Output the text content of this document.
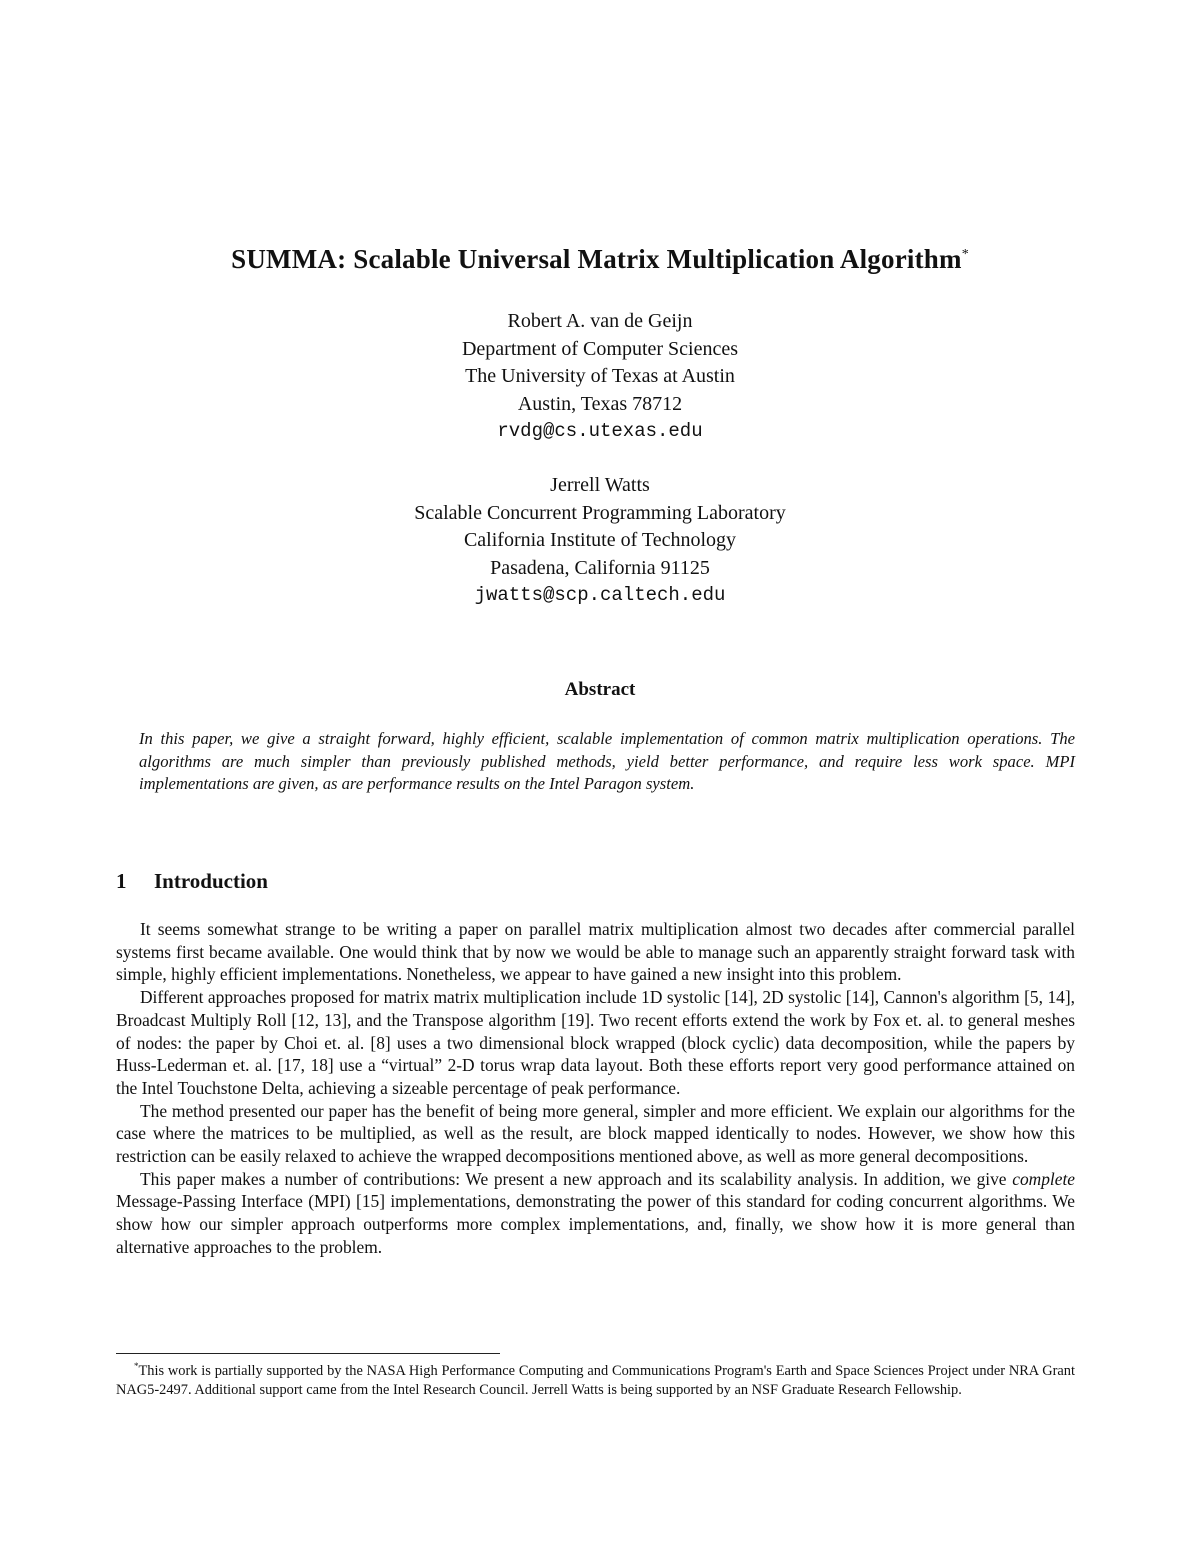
SUMMA: Scalable Universal Matrix Multiplication Algorithm*
Robert A. van de Geijn
Department of Computer Sciences
The University of Texas at Austin
Austin, Texas 78712
rvdg@cs.utexas.edu
Jerrell Watts
Scalable Concurrent Programming Laboratory
California Institute of Technology
Pasadena, California 91125
jwatts@scp.caltech.edu
Abstract
In this paper, we give a straight forward, highly efficient, scalable implementation of common matrix multiplication operations. The algorithms are much simpler than previously published methods, yield better performance, and require less work space. MPI implementations are given, as are performance results on the Intel Paragon system.
1 Introduction

It seems somewhat strange to be writing a paper on parallel matrix multiplication almost two decades after commercial parallel systems first became available. One would think that by now we would be able to manage such an apparently straight forward task with simple, highly efficient implementations. Nonetheless, we appear to have gained a new insight into this problem.

Different approaches proposed for matrix matrix multiplication include 1D systolic [14], 2D systolic [14], Cannon's algorithm [5, 14], Broadcast Multiply Roll [12, 13], and the Transpose algorithm [19]. Two recent efforts extend the work by Fox et. al. to general meshes of nodes: the paper by Choi et. al. [8] uses a two dimensional block wrapped (block cyclic) data decomposition, while the papers by Huss-Lederman et. al. [17, 18] use a “virtual” 2-D torus wrap data layout. Both these efforts report very good performance attained on the Intel Touchstone Delta, achieving a sizeable percentage of peak performance.

The method presented our paper has the benefit of being more general, simpler and more efficient. We explain our algorithms for the case where the matrices to be multiplied, as well as the result, are block mapped identically to nodes. However, we show how this restriction can be easily relaxed to achieve the wrapped decompositions mentioned above, as well as more general decompositions.

This paper makes a number of contributions: We present a new approach and its scalability analysis. In addition, we give complete Message-Passing Interface (MPI) [15] implementations, demonstrating the power of this standard for coding concurrent algorithms. We show how our simpler approach outperforms more complex implementations, and, finally, we show how it is more general than alternative approaches to the problem.

*This work is partially supported by the NASA High Performance Computing and Communications Program's Earth and Space Sciences Project under NRA Grant NAG5-2497. Additional support came from the Intel Research Council. Jerrell Watts is being supported by an NSF Graduate Research Fellowship.
